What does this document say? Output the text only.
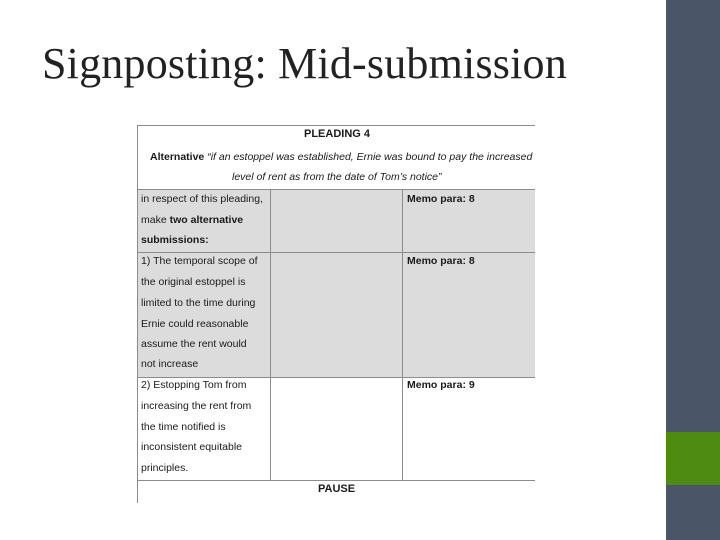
Signposting: Mid-submission
PLEADING 4
Alternative “if an estoppel was established, Ernie was bound to pay the increased
level of rent as from the date of Tom’s notice”
in respect of this pleading,
make two alternative
submissions:
Memo para: 8
1) The temporal scope of
the original estoppel is
limited to the time during
Ernie could reasonable
assume the rent would
not increase
Memo para: 8
2) Estopping Tom from
increasing the rent from
the time notified is
inconsistent equitable
principles.
Memo para: 9
PAUSE
